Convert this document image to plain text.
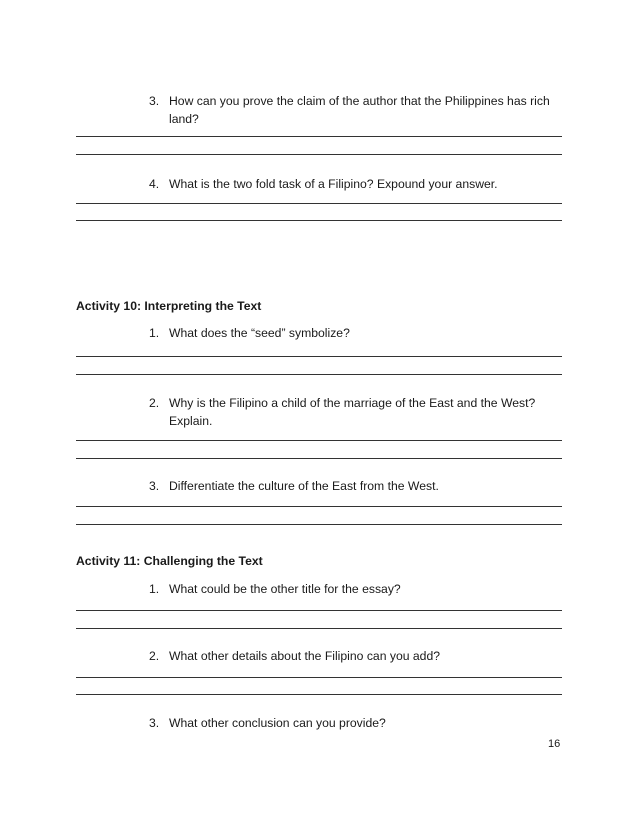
3. How can you prove the claim of the author that the Philippines has rich land?
4. What is the two fold task of a Filipino? Expound your answer.
Activity 10: Interpreting the Text
1. What does the “seed” symbolize?
2. Why is the Filipino a child of the marriage of the East and the West? Explain.
3. Differentiate the culture of the East from the West.
Activity 11: Challenging the Text
1. What could be the other title for the essay?
2. What other details about the Filipino can you add?
3. What other conclusion can you provide?
16
